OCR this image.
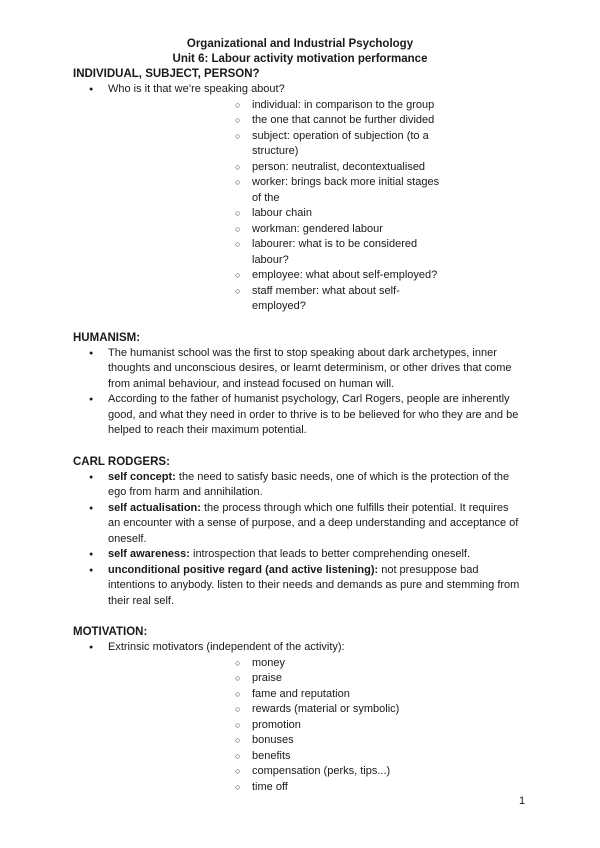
Organizational and Industrial Psychology
Unit 6: Labour activity motivation performance
INDIVIDUAL, SUBJECT, PERSON?
● Who is it that we’re speaking about?
○ individual: in comparison to the group
○ the one that cannot be further divided
○ subject: operation of subjection (to a structure)
○ person: neutralist, decontextualised
○ worker: brings back more initial stages of the
○ labour chain
○ workman: gendered labour
○ labourer: what is to be considered labour?
○ employee: what about self-employed?
○ staff member: what about self-employed?
HUMANISM:
● The humanist school was the first to stop speaking about dark archetypes, inner thoughts and unconscious desires, or learnt determinism, or other drives that come from animal behaviour, and instead focused on human will.
● According to the father of humanist psychology, Carl Rogers, people are inherently good, and what they need in order to thrive is to be believed for who they are and be helped to reach their maximum potential.
CARL RODGERS:
● self concept: the need to satisfy basic needs, one of which is the protection of the ego from harm and annihilation.
● self actualisation: the process through which one fulfills their potential. It requires an encounter with a sense of purpose, and a deep understanding and acceptance of oneself.
● self awareness: introspection that leads to better comprehending oneself.
● unconditional positive regard (and active listening): not presuppose bad intentions to anybody. listen to their needs and demands as pure and stemming from their real self.
MOTIVATION:
● Extrinsic motivators (independent of the activity):
○ money
○ praise
○ fame and reputation
○ rewards (material or symbolic)
○ promotion
○ bonuses
○ benefits
○ compensation (perks, tips...)
○ time off
1
